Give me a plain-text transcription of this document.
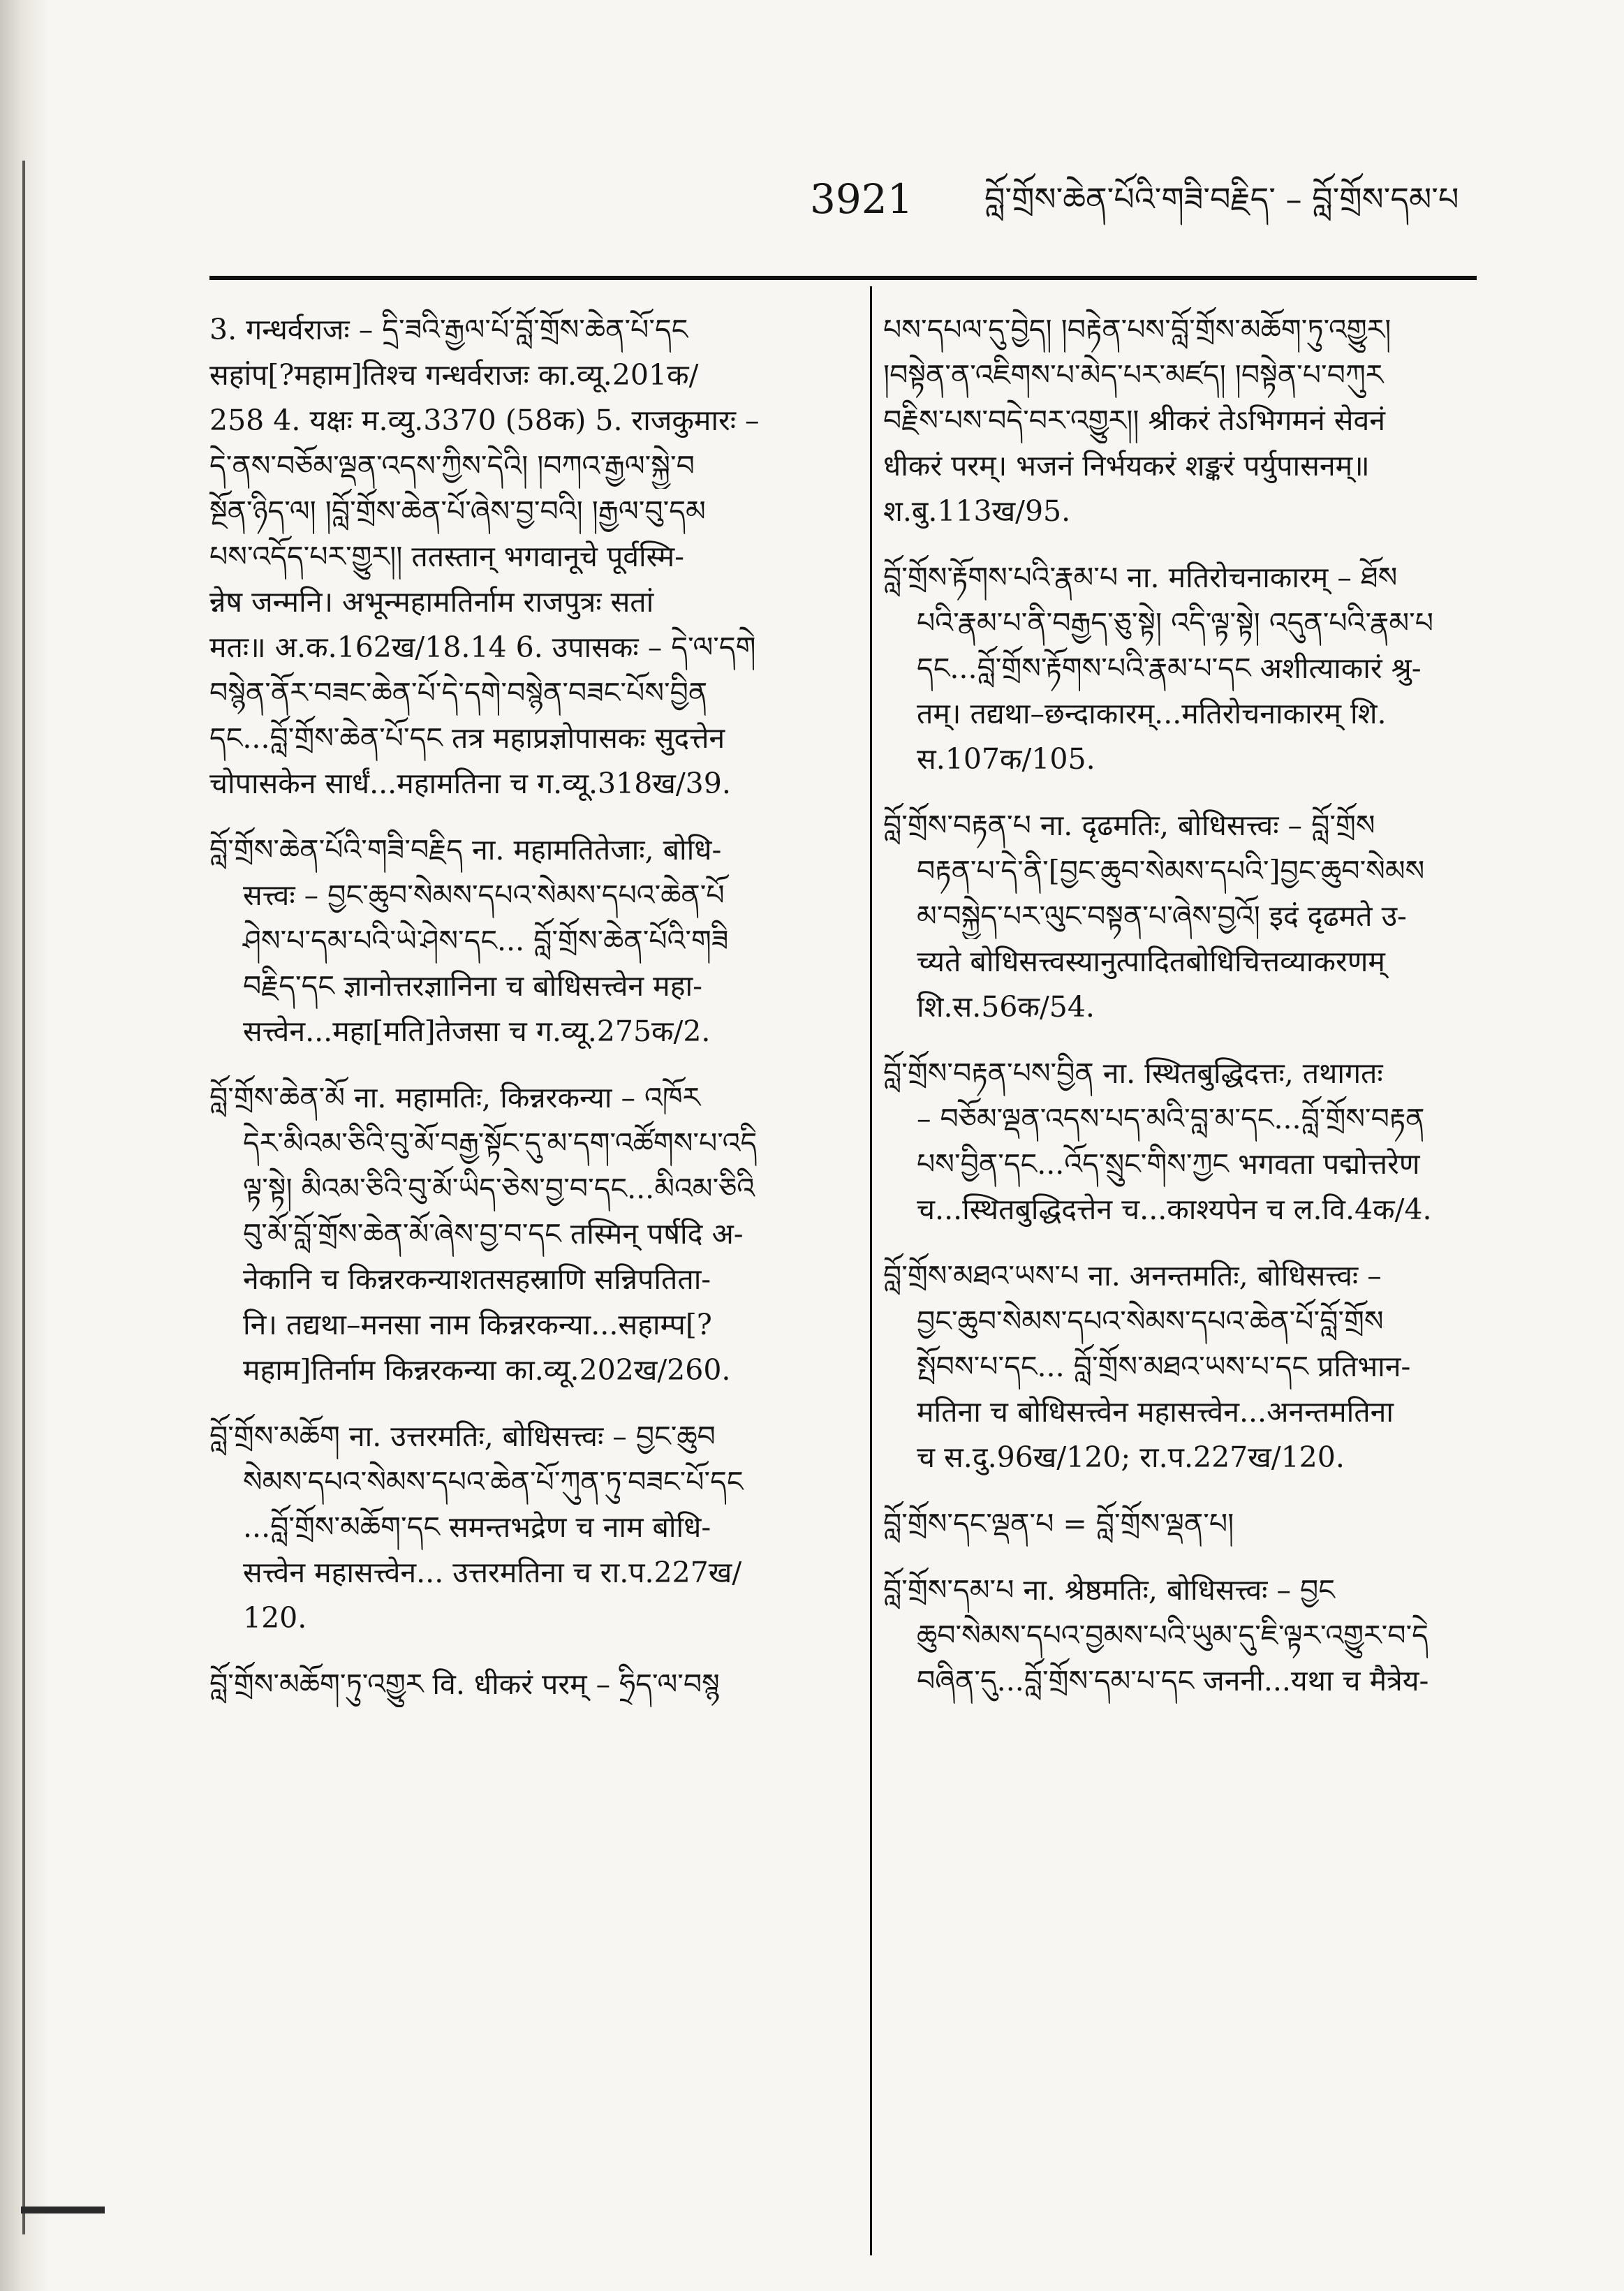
3921 བློ་གྲོས་ཆེན་པོའི་གཟི་བརྗིད་ – བློ་གྲོས་དམ་པ
3. गन्धर्वराजः – དྲི་ཟའི་རྒྱལ་པོ་བློ་གྲོས་ཆེན་པོ་དང
सहांप[?महाम]तिश्च गन्धर्वराजः का.व्यू.201क/
258 4. यक्षः म.व्यु.3370 (58क) 5. राजकुमारः –
དེ་ནས་བཅོམ་ལྡན་འདས་ཀྱིས་དེའི། །བཀའ་རྒྱལ་སྐྱེ་བ
སྔོན་ཉིད་ལ། །བློ་གྲོས་ཆེན་པོ་ཞེས་བྱ་བའི། །རྒྱལ་བུ་དམ
པས་འདོད་པར་གྱུར།། ततस्तान् भगवानूचे पूर्वस्मि-
न्नेष जन्मनि। अभून्महामतिर्नाम राजपुत्रः सतां
मतः॥ अ.क.162ख/18.14 6. उपासकः – དེ་ལ་དགེ
བསྙེན་ནོར་བཟང་ཆེན་པོ་དེ་དགེ་བསྙེན་བཟང་པོས་བྱིན
དང...བློ་གྲོས་ཆེན་པོ་དང तत्र महाप्रज्ञोपासकः सुदत्तेन
चोपासकेन सार्धं...महामतिना च ग.व्यू.318ख/39.
བློ་གྲོས་ཆེན་པོའི་གཟི་བརྗིད ना. महामतितेजाः, बोधि-
सत्त्वः – བྱང་ཆུབ་སེམས་དཔའ་སེམས་དཔའ་ཆེན་པོ
ཤེས་པ་དམ་པའི་ཡེ་ཤེས་དང... བློ་གྲོས་ཆེན་པོའི་གཟི
བརྗིད་དང ज्ञानोत्तरज्ञानिना च बोधिसत्त्वेन महा-
सत्त्वेन...महा[मति]तेजसा च ग.व्यू.275क/2.
བློ་གྲོས་ཆེན་མོ ना. महामतिः, किन्नरकन्या – འཁོར
དེར་མིའམ་ཅིའི་བུ་མོ་བརྒྱ་སྟོང་དུ་མ་དག་འཚོགས་པ་འདི
ལྟ་སྟེ། མིའམ་ཅིའི་བུ་མོ་ཡིད་ཅེས་བྱ་བ་དང...མིའམ་ཅིའི
བུ་མོ་བློ་གྲོས་ཆེན་མོ་ཞེས་བྱ་བ་དང तस्मिन् पर्षदि अ-
नेकानि च किन्नरकन्याशतसहस्राणि सन्निपतिता-
नि। तद्यथा–मनसा नाम किन्नरकन्या...सहाम्प[?
महाम]तिर्नाम किन्नरकन्या का.व्यू.202ख/260.
བློ་གྲོས་མཆོག ना. उत्तरमतिः, बोधिसत्त्वः – བྱང་ཆུབ
སེམས་དཔའ་སེམས་དཔའ་ཆེན་པོ་ཀུན་ཏུ་བཟང་པོ་དང
...བློ་གྲོས་མཆོག་དང समन्तभद्रेण च नाम बोधि-
सत्त्वेन महासत्त्वेन... उत्तरमतिना च रा.प.227ख/
120.
བློ་གྲོས་མཆོག་ཏུ་འགྱུར वि. धीकरं परम् – ཧྲིད་ལ་བསྙ
པས་དཔལ་དུ་བྱེད། །བརྟེན་པས་བློ་གྲོས་མཆོག་ཏུ་འགྱུར།
།བསྟེན་ན་འཇིགས་པ་མེད་པར་མཛད། །བསྟེན་པ་བཀུར
བརྗིས་པས་བདེ་བར་འགྱུར།། श्रीकरं तेऽभिगमनं सेवनं
धीकरं परम्। भजनं निर्भयकरं शङ्करं पर्युपासनम्॥
श.बु.113ख/95.
བློ་གྲོས་རྟོགས་པའི་རྣམ་པ ना. मतिरोचनाकारम् – ཐོས
པའི་རྣམ་པ་ནི་བརྒྱད་ཅུ་སྟེ། འདི་ལྟ་སྟེ། འདུན་པའི་རྣམ་པ
དང...བློ་གྲོས་རྟོགས་པའི་རྣམ་པ་དང अशीत्याकारं श्रु-
तम्। तद्यथा–छन्दाकारम्...मतिरोचनाकारम् शि.
स.107क/105.
བློ་གྲོས་བརྟན་པ ना. दृढमतिः, बोधिसत्त्वः – བློ་གྲོས
བརྟན་པ་དེ་ནི་[བྱང་ཆུབ་སེམས་དཔའི་]བྱང་ཆུབ་སེམས
མ་བསྐྱེད་པར་ལུང་བསྟན་པ་ཞེས་བྱའོ། इदं दृढमते उ-
च्यते बोधिसत्त्वस्यानुत्पादितबोधिचित्तव्याकरणम्
शि.स.56क/54.
བློ་གྲོས་བརྟན་པས་བྱིན ना. स्थितबुद्धिदत्तः, तथागतः
– བཅོམ་ལྡན་འདས་པད་མའི་བླ་མ་དང...བློ་གྲོས་བརྟན
པས་བྱིན་དང...འོད་སྲུང་གིས་ཀྱང भगवता पद्मोत्तरेण
च...स्थितबुद्धिदत्तेन च...काश्यपेन च ल.वि.4क/4.
བློ་གྲོས་མཐའ་ཡས་པ ना. अनन्तमतिः, बोधिसत्त्वः –
བྱང་ཆུབ་སེམས་དཔའ་སེམས་དཔའ་ཆེན་པོ་བློ་གྲོས
སྤོབས་པ་དང... བློ་གྲོས་མཐའ་ཡས་པ་དང प्रतिभान-
मतिना च बोधिसत्त्वेन महासत्त्वेन...अनन्तमतिना
च स.दु.96ख/120; रा.प.227ख/120.
བློ་གྲོས་དང་ལྡན་པ = བློ་གྲོས་ལྡན་པ།
བློ་གྲོས་དམ་པ ना. श्रेष्ठमतिः, बोधिसत्त्वः – བྱང
ཆུབ་སེམས་དཔའ་བྱམས་པའི་ཡུམ་དུ་ཇི་ལྟར་འགྱུར་བ་དེ
བཞིན་དུ...བློ་གྲོས་དམ་པ་དང जननी...यथा च मैत्रेय-
